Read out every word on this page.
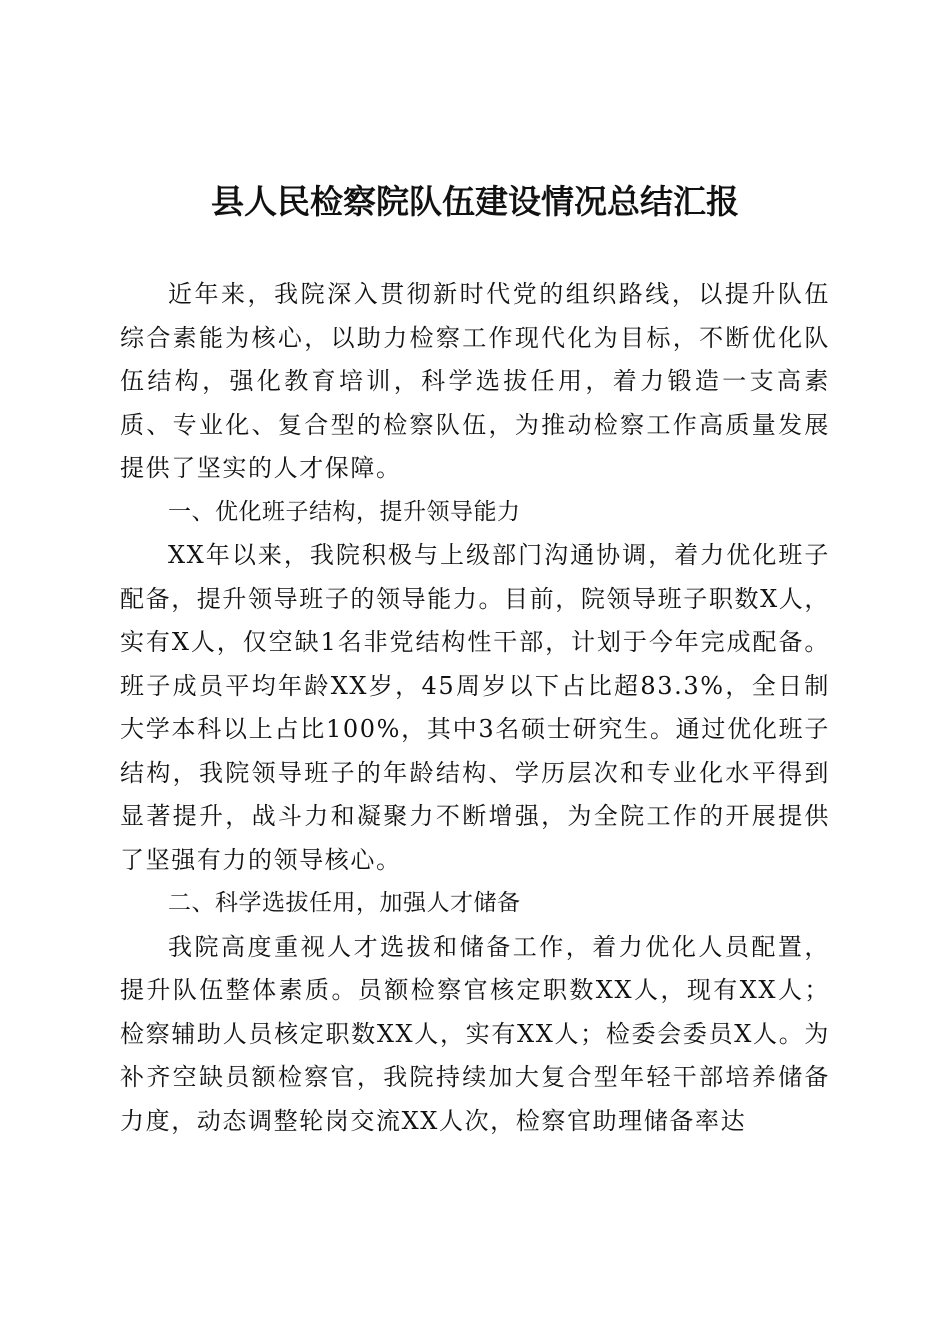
县人民检察院队伍建设情况总结汇报

近年来，我院深入贯彻新时代党的组织路线，以提升队伍综合素能为核心，以助力检察工作现代化为目标，不断优化队伍结构，强化教育培训，科学选拔任用，着力锻造一支高素质、专业化、复合型的检察队伍，为推动检察工作高质量发展提供了坚实的人才保障。

一、优化班子结构，提升领导能力

XX年以来，我院积极与上级部门沟通协调，着力优化班子配备，提升领导班子的领导能力。目前，院领导班子职数X人，实有X人，仅空缺1名非党结构性干部，计划于今年完成配备。班子成员平均年龄XX岁，45周岁以下占比超83.3%，全日制大学本科以上占比100%，其中3名硕士研究生。通过优化班子结构，我院领导班子的年龄结构、学历层次和专业化水平得到显著提升，战斗力和凝聚力不断增强，为全院工作的开展提供了坚强有力的领导核心。

二、科学选拔任用，加强人才储备

我院高度重视人才选拔和储备工作，着力优化人员配置，提升队伍整体素质。员额检察官核定职数XX人，现有XX人；检察辅助人员核定职数XX人，实有XX人；检委会委员X人。为补齐空缺员额检察官，我院持续加大复合型年轻干部培养储备力度，动态调整轮岗交流XX人次，检察官助理储备率达
